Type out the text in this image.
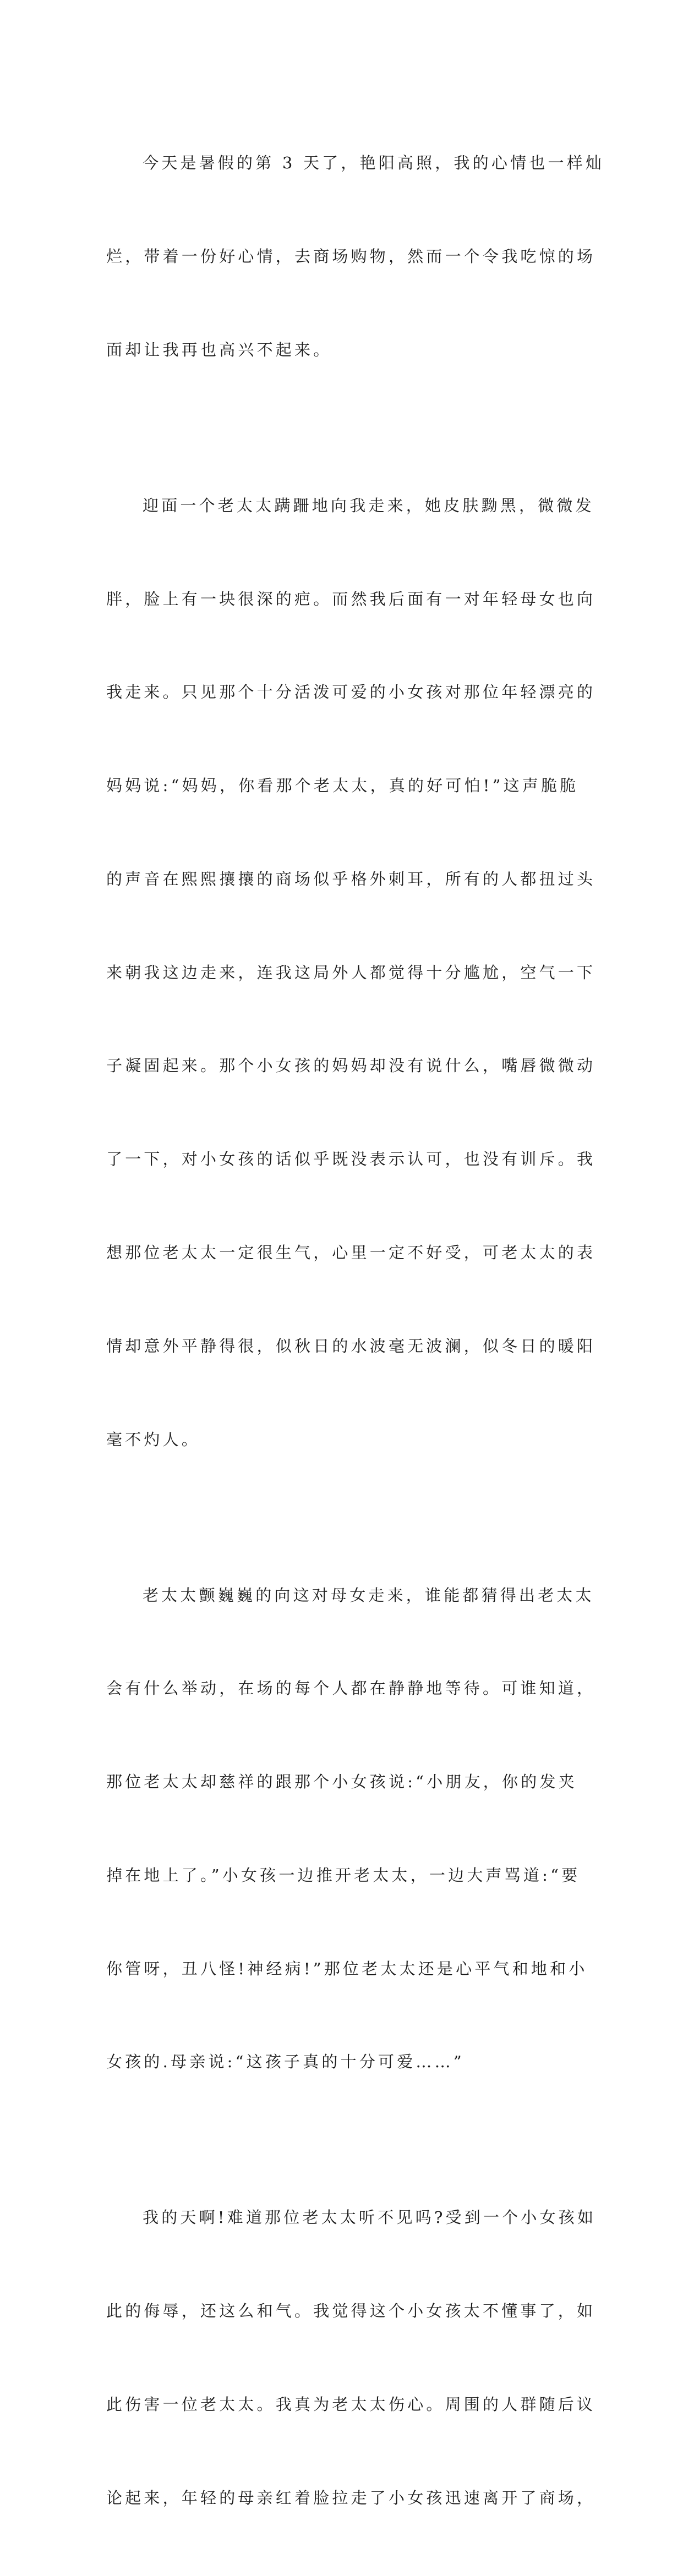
今天是暑假的第 3 天了，艳阳高照，我的心情也一样灿

烂，带着一份好心情，去商场购物，然而一个令我吃惊的场

面却让我再也高兴不起来。

迎面一个老太太蹒跚地向我走来，她皮肤黝黑，微微发

胖，脸上有一块很深的疤。而然我后面有一对年轻母女也向

我走来。只见那个十分活泼可爱的小女孩对那位年轻漂亮的

妈妈说:“妈妈，你看那个老太太，真的好可怕!”这声脆脆

的声音在熙熙攘攘的商场似乎格外刺耳，所有的人都扭过头

来朝我这边走来，连我这局外人都觉得十分尴尬，空气一下

子凝固起来。那个小女孩的妈妈却没有说什么，嘴唇微微动

了一下，对小女孩的话似乎既没表示认可，也没有训斥。我

想那位老太太一定很生气，心里一定不好受，可老太太的表

情却意外平静得很，似秋日的水波毫无波澜，似冬日的暖阳

毫不灼人。

老太太颤巍巍的向这对母女走来，谁能都猜得出老太太

会有什么举动，在场的每个人都在静静地等待。可谁知道，

那位老太太却慈祥的跟那个小女孩说:“小朋友，你的发夹

掉在地上了。”小女孩一边推开老太太，一边大声骂道:“要

你管呀，丑八怪!神经病!”那位老太太还是心平气和地和小

女孩的.母亲说:“这孩子真的十分可爱……”

我的天啊!难道那位老太太听不见吗?受到一个小女孩如

此的侮辱，还这么和气。我觉得这个小女孩太不懂事了，如

此伤害一位老太太。我真为老太太伤心。周围的人群随后议

论起来，年轻的母亲红着脸拉走了小女孩迅速离开了商场，
